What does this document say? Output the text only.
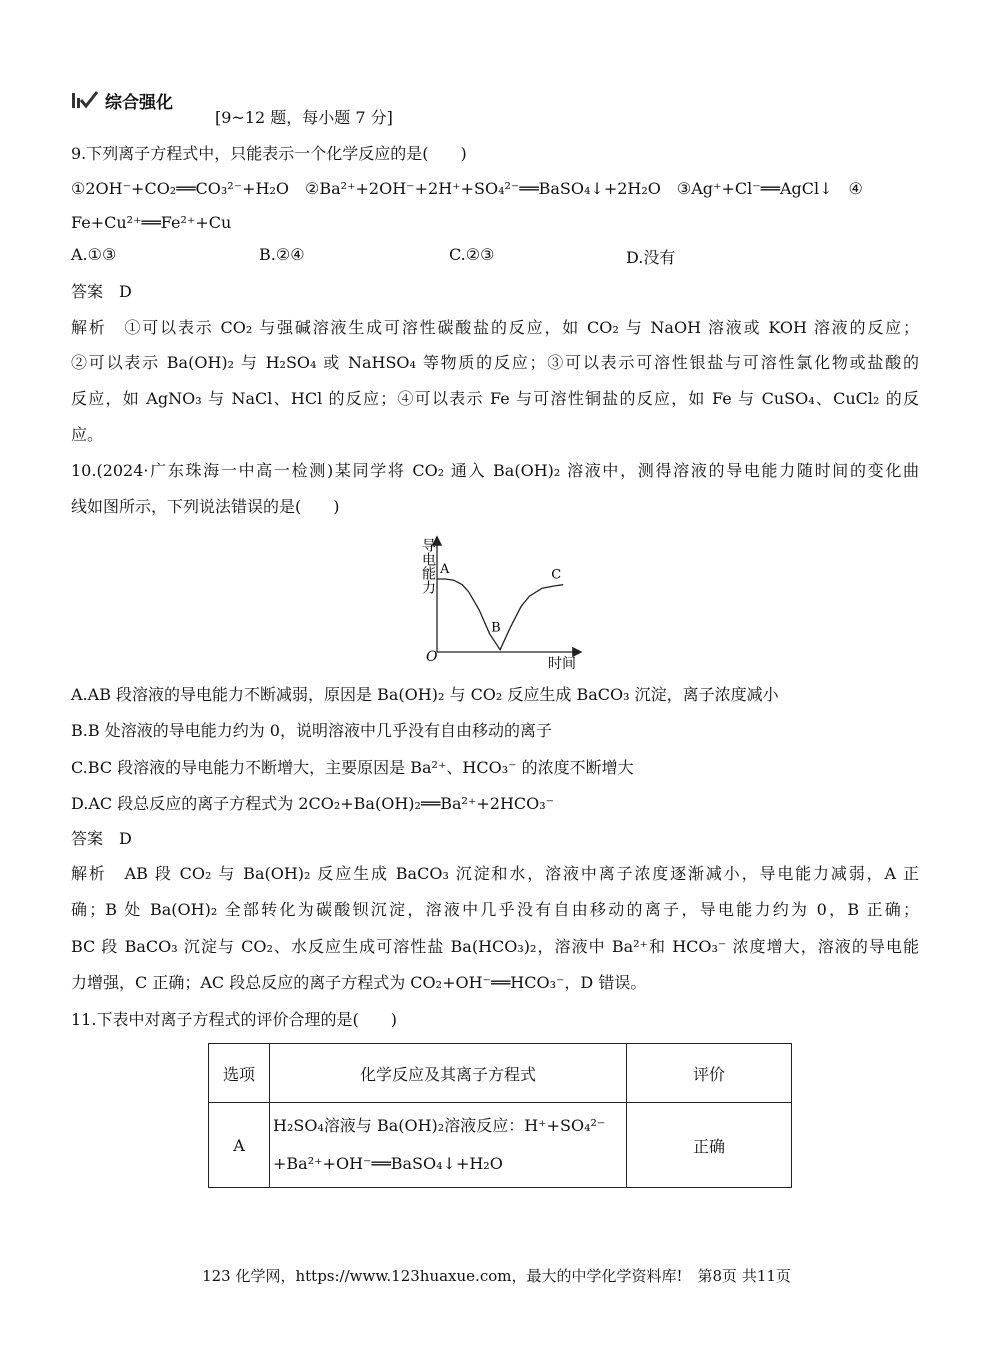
综合强化
[9~12 题，每小题 7 分]
9.下列离子方程式中，只能表示一个化学反应的是(　　)
①2OH⁻+CO₂══CO₃²⁻+H₂O　②Ba²⁺+2OH⁻+2H⁺+SO₄²⁻══BaSO₄↓+2H₂O　③Ag⁺+Cl⁻══AgCl↓　④
Fe+Cu²⁺══Fe²⁺+Cu
A.①③	B.②④	C.②③	D.没有
答案　D
解析　①可以表示 CO₂ 与强碱溶液生成可溶性碳酸盐的反应，如 CO₂ 与 NaOH 溶液或 KOH 溶液的反应；
②可以表示 Ba(OH)₂ 与 H₂SO₄ 或 NaHSO₄ 等物质的反应；③可以表示可溶性银盐与可溶性氯化物或盐酸的
反应，如 AgNO₃ 与 NaCl、HCl 的反应；④可以表示 Fe 与可溶性铜盐的反应，如 Fe 与 CuSO₄、CuCl₂ 的反
应。
10.(2024·广东珠海一中高一检测)某同学将 CO₂ 通入 Ba(OH)₂ 溶液中，测得溶液的导电能力随时间的变化曲
线如图所示，下列说法错误的是(　　)
导电能力
时间
O
A
B
C
A.AB 段溶液的导电能力不断减弱，原因是 Ba(OH)₂ 与 CO₂ 反应生成 BaCO₃ 沉淀，离子浓度减小
B.B 处溶液的导电能力约为 0，说明溶液中几乎没有自由移动的离子
C.BC 段溶液的导电能力不断增大，主要原因是 Ba²⁺、HCO₃⁻ 的浓度不断增大
D.AC 段总反应的离子方程式为 2CO₂+Ba(OH)₂══Ba²⁺+2HCO₃⁻
答案　D
解析　AB 段 CO₂ 与 Ba(OH)₂ 反应生成 BaCO₃ 沉淀和水，溶液中离子浓度逐渐减小，导电能力减弱，A 正
确；B 处 Ba(OH)₂ 全部转化为碳酸钡沉淀，溶液中几乎没有自由移动的离子，导电能力约为 0，B 正确；
BC 段 BaCO₃ 沉淀与 CO₂、水反应生成可溶性盐 Ba(HCO₃)₂，溶液中 Ba²⁺和 HCO₃⁻ 浓度增大，溶液的导电能
力增强，C 正确；AC 段总反应的离子方程式为 CO₂+OH⁻══HCO₃⁻，D 错误。
11.下表中对离子方程式的评价合理的是(　　)
选项	化学反应及其离子方程式	评价
A	H₂SO₄溶液与 Ba(OH)₂溶液反应：H⁺+SO₄²⁻
+Ba²⁺+OH⁻══BaSO₄↓+H₂O	正确
123 化学网，https://www.123huaxue.com，最大的中学化学资料库!　第8页 共11页
